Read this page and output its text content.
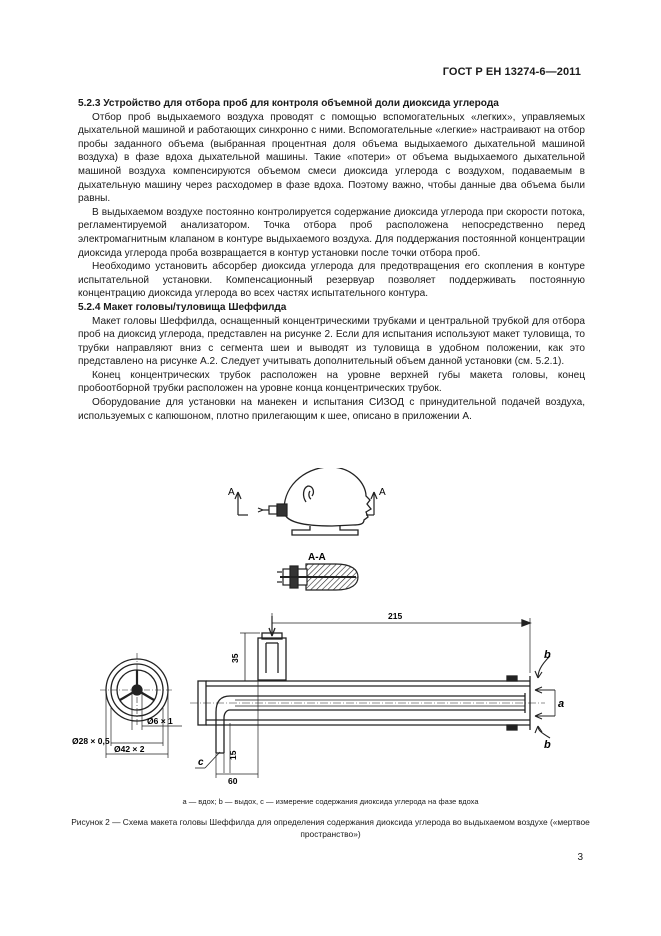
ГОСТ Р ЕН 13274-6—2011
5.2.3 Устройство для отбора проб для контроля объемной доли диоксида углерода

Отбор проб выдыхаемого воздуха проводят с помощью вспомогательных «легких», управляемых дыхательной машиной и работающих синхронно с ними. Вспомогательные «легкие» настраивают на отбор пробы заданного объема (выбранная процентная доля объема выдыхаемого дыхательной машиной воздуха) в фазе вдоха дыхательной машины. Такие «потери» от объема выдыхаемого дыхательной машиной воздуха компенсируются объемом смеси диоксида углерода с воздухом, подаваемым в дыхательную машину через расходомер в фазе вдоха. Поэтому важно, чтобы данные два объема были равны.

В выдыхаемом воздухе постоянно контролируется содержание диоксида углерода при скорости потока, регламентируемой анализатором. Точка отбора проб расположена непосредственно перед электромагнитным клапаном в контуре выдыхаемого воздуха. Для поддержания постоянной концентрации диоксида углерода проба возвращается в контур установки после точки отбора проб.

Необходимо установить абсорбер диоксида углерода для предотвращения его скопления в контуре испытательной установки. Компенсационный резервуар позволяет поддерживать постоянную концентрацию диоксида углерода во всех частях испытательного контура.

5.2.4 Макет головы/туловища Шеффилда

Макет головы Шеффилда, оснащенный концентрическими трубками и центральной трубкой для отбора проб на диоксид углерода, представлен на рисунке 2. Если для испытания используют макет туловища, то трубки направляют вниз с сегмента шеи и выводят из туловища в удобном положении, как это представлено на рисунке А.2. Следует учитывать дополнительный объем данной установки (см. 5.2.1).

Конец концентрических трубок расположен на уровне верхней губы макета головы, конец пробоотборной трубки расположен на уровне конца концентрических трубок.

Оборудование для установки на манекен и испытания СИЗОД с принудительной подачей воздуха, используемых с капюшоном, плотно прилегающим к шее, описано в приложении А.

A	A
А-А
Ø28 × 0,5
Ø42 × 2
Ø6 × 1
215
35
15
60
c
b
a
b
а — вдох; b — выдох, с — измерение содержания диоксида углерода на фазе вдоха
Рисунок 2 — Схема макета головы Шеффилда для определения содержания диоксида углерода во выдыхаемом воздухе («мертвое пространство»)
3
